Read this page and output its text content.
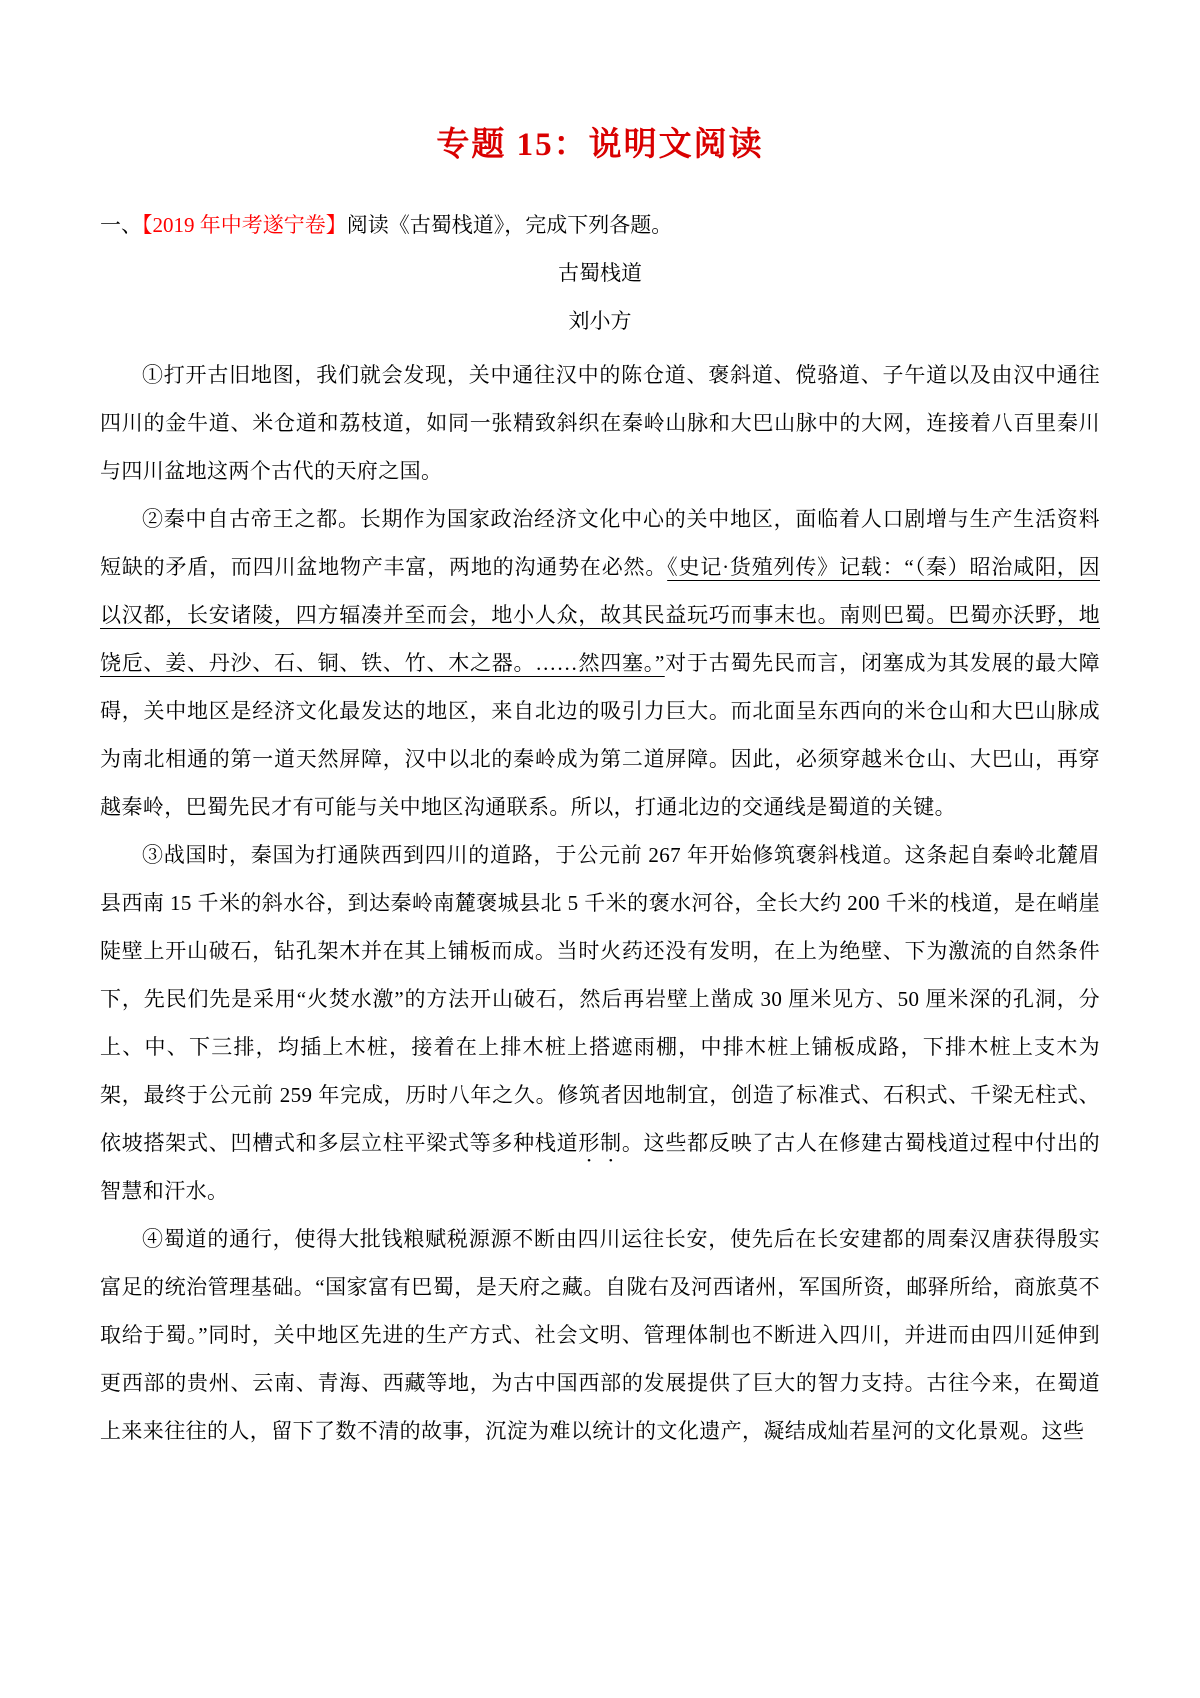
专题 15：说明文阅读

一、【2019 年中考遂宁卷】阅读《古蜀栈道》，完成下列各题。

古蜀栈道

刘小方

①打开古旧地图，我们就会发现，关中通往汉中的陈仓道、褒斜道、傥骆道、子午道以及由汉中通往四川的金牛道、米仓道和荔枝道，如同一张精致斜织在秦岭山脉和大巴山脉中的大网，连接着八百里秦川与四川盆地这两个古代的天府之国。

②秦中自古帝王之都。长期作为国家政治经济文化中心的关中地区，面临着人口剧增与生产生活资料短缺的矛盾，而四川盆地物产丰富，两地的沟通势在必然。《史记·货殖列传》记载：“（秦）昭治咸阳，因以汉都，长安诸陵，四方辐凑并至而会，地小人众，故其民益玩巧而事末也。南则巴蜀。巴蜀亦沃野，地饶卮、姜、丹沙、石、铜、铁、竹、木之器。……然四塞。”对于古蜀先民而言，闭塞成为其发展的最大障碍，关中地区是经济文化最发达的地区，来自北边的吸引力巨大。而北面呈东西向的米仓山和大巴山脉成为南北相通的第一道天然屏障，汉中以北的秦岭成为第二道屏障。因此，必须穿越米仓山、大巴山，再穿越秦岭，巴蜀先民才有可能与关中地区沟通联系。所以，打通北边的交通线是蜀道的关键。

③战国时，秦国为打通陕西到四川的道路，于公元前 267 年开始修筑褒斜栈道。这条起自秦岭北麓眉县西南 15 千米的斜水谷，到达秦岭南麓褒城县北 5 千米的褒水河谷，全长大约 200 千米的栈道，是在峭崖陡壁上开山破石，钻孔架木并在其上铺板而成。当时火药还没有发明，在上为绝壁、下为激流的自然条件下，先民们先是采用“火焚水激”的方法开山破石，然后再岩壁上凿成 30 厘米见方、50 厘米深的孔洞，分上、中、下三排，均插上木桩，接着在上排木桩上搭遮雨棚，中排木桩上铺板成路，下排木桩上支木为架，最终于公元前 259 年完成，历时八年之久。修筑者因地制宜，创造了标准式、石积式、千梁无柱式、依坡搭架式、凹槽式和多层立柱平梁式等多种栈道形制。这些都反映了古人在修建古蜀栈道过程中付出的智慧和汗水。

④蜀道的通行，使得大批钱粮赋税源源不断由四川运往长安，使先后在长安建都的周秦汉唐获得殷实富足的统治管理基础。“国家富有巴蜀，是天府之藏。自陇右及河西诸州，军国所资，邮驿所给，商旅莫不取给于蜀。”同时，关中地区先进的生产方式、社会文明、管理体制也不断进入四川，并进而由四川延伸到更西部的贵州、云南、青海、西藏等地，为古中国西部的发展提供了巨大的智力支持。古往今来，在蜀道上来来往往的人，留下了数不清的故事，沉淀为难以统计的文化遗产，凝结成灿若星河的文化景观。这些
